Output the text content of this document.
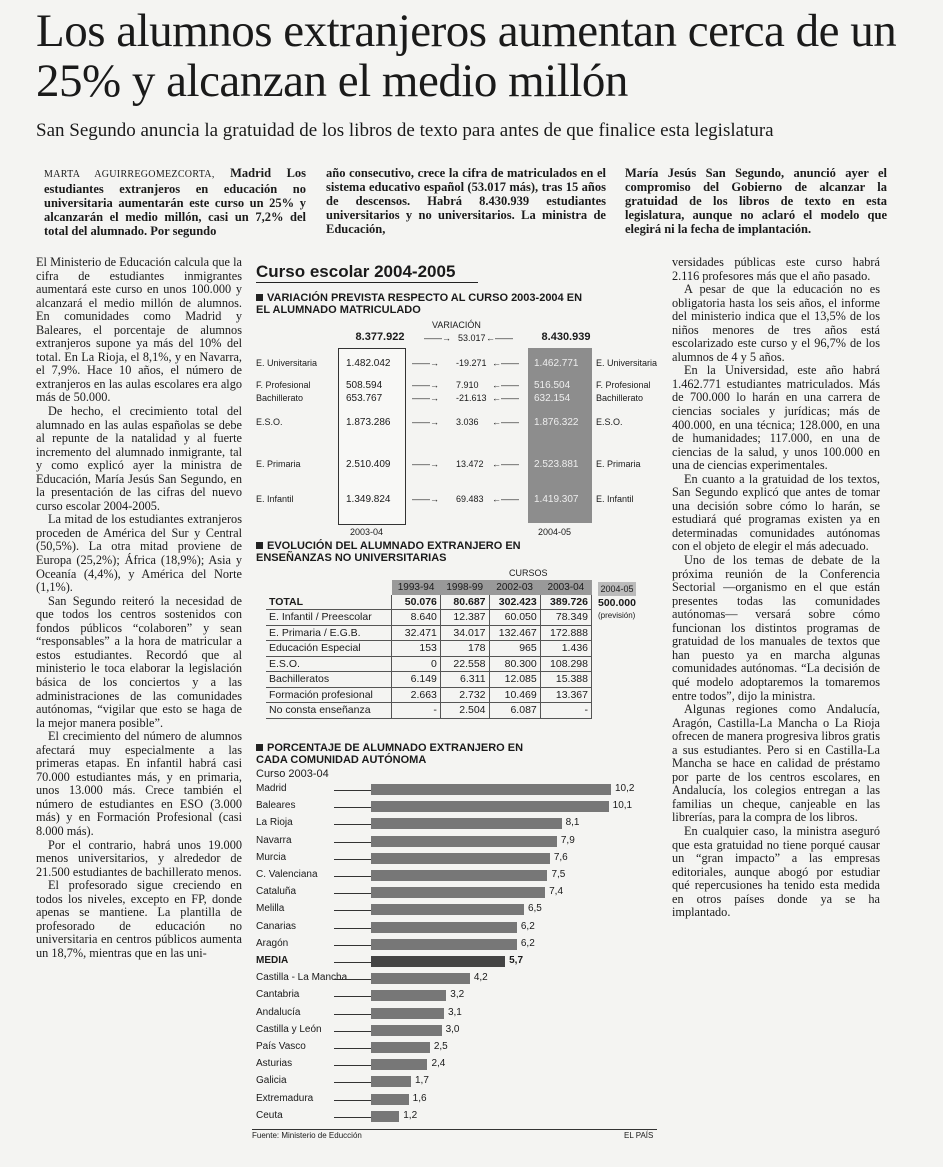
Los alumnos extranjeros aumentan cerca de un 25% y alcanzan el medio millón
San Segundo anuncia la gratuidad de los libros de texto para antes de que finalice esta legislatura
MARTA AGUIRREGOMEZCORTA, Madrid Los estudiantes extranjeros en educación no universitaria aumentarán este curso un 25% y alcanzarán el medio millón, casi un 7,2% del total del alumnado. Por segundo
año consecutivo, crece la cifra de matriculados en el sistema educativo español (53.017 más), tras 15 años de descensos. Habrá 8.430.939 estudiantes universitarios y no universitarios. La ministra de Educación,
María Jesús San Segundo, anunció ayer el compromiso del Gobierno de alcanzar la gratuidad de los libros de texto en esta legislatura, aunque no aclaró el modelo que elegirá ni la fecha de implantación.

El Ministerio de Educación calcula que la cifra de estudiantes inmigrantes aumentará este curso en unos 100.000 y alcanzará el medio millón de alumnos. En comunidades como Madrid y Baleares, el porcentaje de alumnos extranjeros supone ya más del 10% del total. En La Rioja, el 8,1%, y en Navarra, el 7,9%. Hace 10 años, el número de extranjeros en las aulas escolares era algo más de 50.000.

De hecho, el crecimiento total del alumnado en las aulas españolas se debe al repunte de la natalidad y al fuerte incremento del alumnado inmigrante, tal y como explicó ayer la ministra de Educación, María Jesús San Segundo, en la presentación de las cifras del nuevo curso escolar 2004-2005.

La mitad de los estudiantes extranjeros proceden de América del Sur y Central (50,5%). La otra mitad proviene de Europa (25,2%); África (18,9%); Asia y Oceanía (4,4%), y América del Norte (1,1%).

San Segundo reiteró la necesidad de que todos los centros sostenidos con fondos públicos “colaboren” y sean “responsables” a la hora de matricular a estos estudiantes. Recordó que al ministerio le toca elaborar la legislación básica de los conciertos y a las administraciones de las comunidades autónomas, “vigilar que esto se haga de la mejor manera posible”.

El crecimiento del número de alumnos afectará muy especialmente a las primeras etapas. En infantil habrá casi 70.000 estudiantes más, y en primaria, unos 13.000 más. Crece también el número de estudiantes en ESO (3.000 más) y en Formación Profesional (casi 8.000 más).

Por el contrario, habrá unos 19.000 menos universitarios, y alrededor de 21.500 estudiantes de bachillerato menos.

El profesorado sigue creciendo en todos los niveles, excepto en FP, donde apenas se mantiene. La plantilla de profesorado de educación no universitaria en centros públicos aumenta un 18,7%, mientras que en las uni-

versidades públicas este curso habrá 2.116 profesores más que el año pasado.

A pesar de que la educación no es obligatoria hasta los seis años, el informe del ministerio indica que el 13,5% de los niños menores de tres años está escolarizado este curso y el 96,7% de los alumnos de 4 y 5 años.

En la Universidad, este año habrá 1.462.771 estudiantes matriculados. Más de 700.000 lo harán en una carrera de ciencias sociales y jurídicas; más de 400.000, en una técnica; 128.000, en una de humanidades; 117.000, en una de ciencias de la salud, y unos 100.000 en una de ciencias experimentales.

En cuanto a la gratuidad de los textos, San Segundo explicó que antes de tomar una decisión sobre cómo lo harán, se estudiará qué programas existen ya en determinadas comunidades autónomas con el objeto de elegir el más adecuado.

Uno de los temas de debate de la próxima reunión de la Conferencia Sectorial —organismo en el que están presentes todas las comunidades autónomas— versará sobre cómo funcionan los distintos programas de gratuidad de los manuales de textos que han puesto ya en marcha algunas comunidades autónomas. “La decisión de qué modelo adoptaremos la tomaremos entre todos”, dijo la ministra.

Algunas regiones como Andalucía, Aragón, Castilla-La Mancha o La Rioja ofrecen de manera progresiva libros gratis a sus estudiantes. Pero si en Castilla-La Mancha se hace en calidad de préstamo por parte de los centros escolares, en Andalucía, los colegios entregan a las familias un cheque, canjeable en las librerías, para la compra de los libros.

En cualquier caso, la ministra aseguró que esta gratuidad no tiene porqué causar un “gran impacto” a las empresas editoriales, aunque abogó por estudiar qué repercusiones ha tenido esta medida en otros países donde ya se ha implantado.

Curso escolar 2004-2005
VARIACIÓN PREVISTA RESPECTO AL CURSO 2003-2004 EN EL ALUMNADO MATRICULADO
VARIACIÓN
8.377.922	——→ 53.017 ←——	8.430.939
E. Universitaria	1.482.042	-19.271	1.462.771 E. Universitaria
——→	←——
F. Profesional	508.594	7.910	516.504	F. Profesional
——→	←——
Bachillerato	653.767	-21.613	632.154	Bachillerato
——→	←——
E.S.O.	1.873.286	3.036	1.876.322 E.S.O.
——→	←——
E. Primaria	2.510.409	13.472	2.523.881 E. Primaria
——→	←——
E. Infantil	1.349.824	69.483	1.419.307 E. Infantil
——→	←——
2003-04	2004-05
EVOLUCIÓN DEL ALUMNADO EXTRANJERO EN ENSEÑANZAS NO UNIVERSITARIAS
CURSOS
	1993-94	1998-99	2002-03	2003-04
TOTAL	50.076	80.687	302.423	389.726
E. Infantil / Preescolar	8.640	12.387	60.050	78.349
E. Primaria / E.G.B.	32.471	34.017	132.467	172.888
Educación Especial	153	178	965	1.436
E.S.O.	0	22.558	80.300	108.298
Bachilleratos	6.149	6.311	12.085	15.388
Formación profesional	2.663	2.732	10.469	13.367
No consta enseñanza	-	2.504	6.087	-
2004-05
500.000
(previsión)
PORCENTAJE DE ALUMNADO EXTRANJERO EN CADA COMUNIDAD AUTÓNOMA
Curso 2003-04
Madrid	10,2
Baleares	10,1
La Rioja	8,1
Navarra	7,9
Murcia	7,6
C. Valenciana	7,5
Cataluña	7,4
Melilla	6,5
Canarias	6,2
Aragón	6,2
MEDIA	5,7
Castilla - La Mancha	4,2
Cantabria	3,2
Andalucía	3,1
Castilla y León	3,0
País Vasco	2,5
Asturias	2,4
Galicia	1,7
Extremadura	1,6
Ceuta	1,2
Fuente: Ministerio de Educción	EL PAÍS
